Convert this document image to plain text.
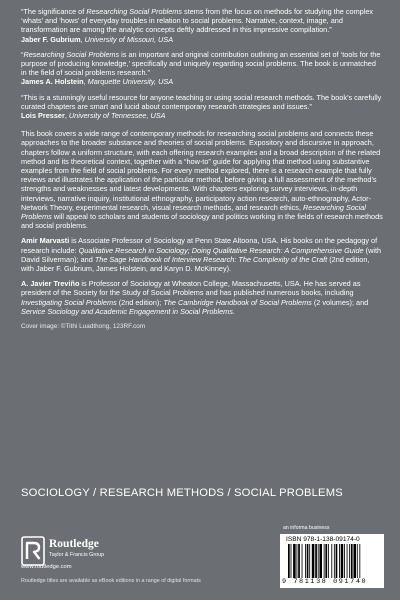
“The significance of Researching Social Problems stems from the focus on methods for studying the complex ‘whats’ and ‘hows’ of everyday troubles in relation to social problems. Narrative, context, image, and transformation are among the analytic concepts deftly addressed in this impressive compilation.”

Jaber F. Gubrium, University of Missouri, USA

“Researching Social Problems is an important and original contribution outlining an essential set of ‘tools for the purpose of producing knowledge,’ specifically and uniquely regarding social problems. The book is unmatched in the field of social problems research.”

James A. Holstein, Marquette University, USA

“This is a stunningly useful resource for anyone teaching or using social research methods. The book’s carefully curated chapters are smart and lucid about contemporary research strategies and issues.”

Lois Presser, University of Tennessee, USA

This book covers a wide range of contemporary methods for researching social problems and connects these approaches to the broader substance and theories of social problems. Expository and discursive in approach, chapters follow a uniform structure, with each offering research examples and a broad description of the related method and its theoretical context, together with a “how-to” guide for applying that method using substantive examples from the field of social problems. For every method explored, there is a research example that fully reviews and illustrates the application of the particular method, before giving a full assessment of the method’s strengths and weaknesses and latest developments. With chapters exploring survey interviews, in-depth interviews, narrative inquiry, institutional ethnography, participatory action research, auto-ethnography, Actor-Network Theory, experimental research, visual research methods, and research ethics, Researching Social Problems will appeal to scholars and students of sociology and politics working in the fields of research methods and social problems.

Amir Marvasti is Associate Professor of Sociology at Penn State Altoona, USA. His books on the pedagogy of research include: Qualitative Research in Sociology; Doing Qualitative Research: A Comprehensive Guide (with David Silverman); and The Sage Handbook of Interview Research: The Complexity of the Craft (2nd edition, with Jaber F. Gubrium, James Holstein, and Karyn D. McKinney).

A. Javier Treviño is Professor of Sociology at Wheaton College, Massachusetts, USA. He has served as president of the Society for the Study of Social Problems and has published numerous books, including Investigating Social Problems (2nd edition); The Cambridge Handbook of Social Problems (2 volumes); and Service Sociology and Academic Engagement in Social Problems.

Cover image: ©Tithi Luadthong, 123RF.com

SOCIOLOGY / RESEARCH METHODS / SOCIAL PROBLEMS
Routledge
Taylor & Francis Group
www.routledge.com
Routledge titles are available as eBook editions in a range of digital formats
an informa business
ISBN 978-1-138-09174-0
9 781138 091740
